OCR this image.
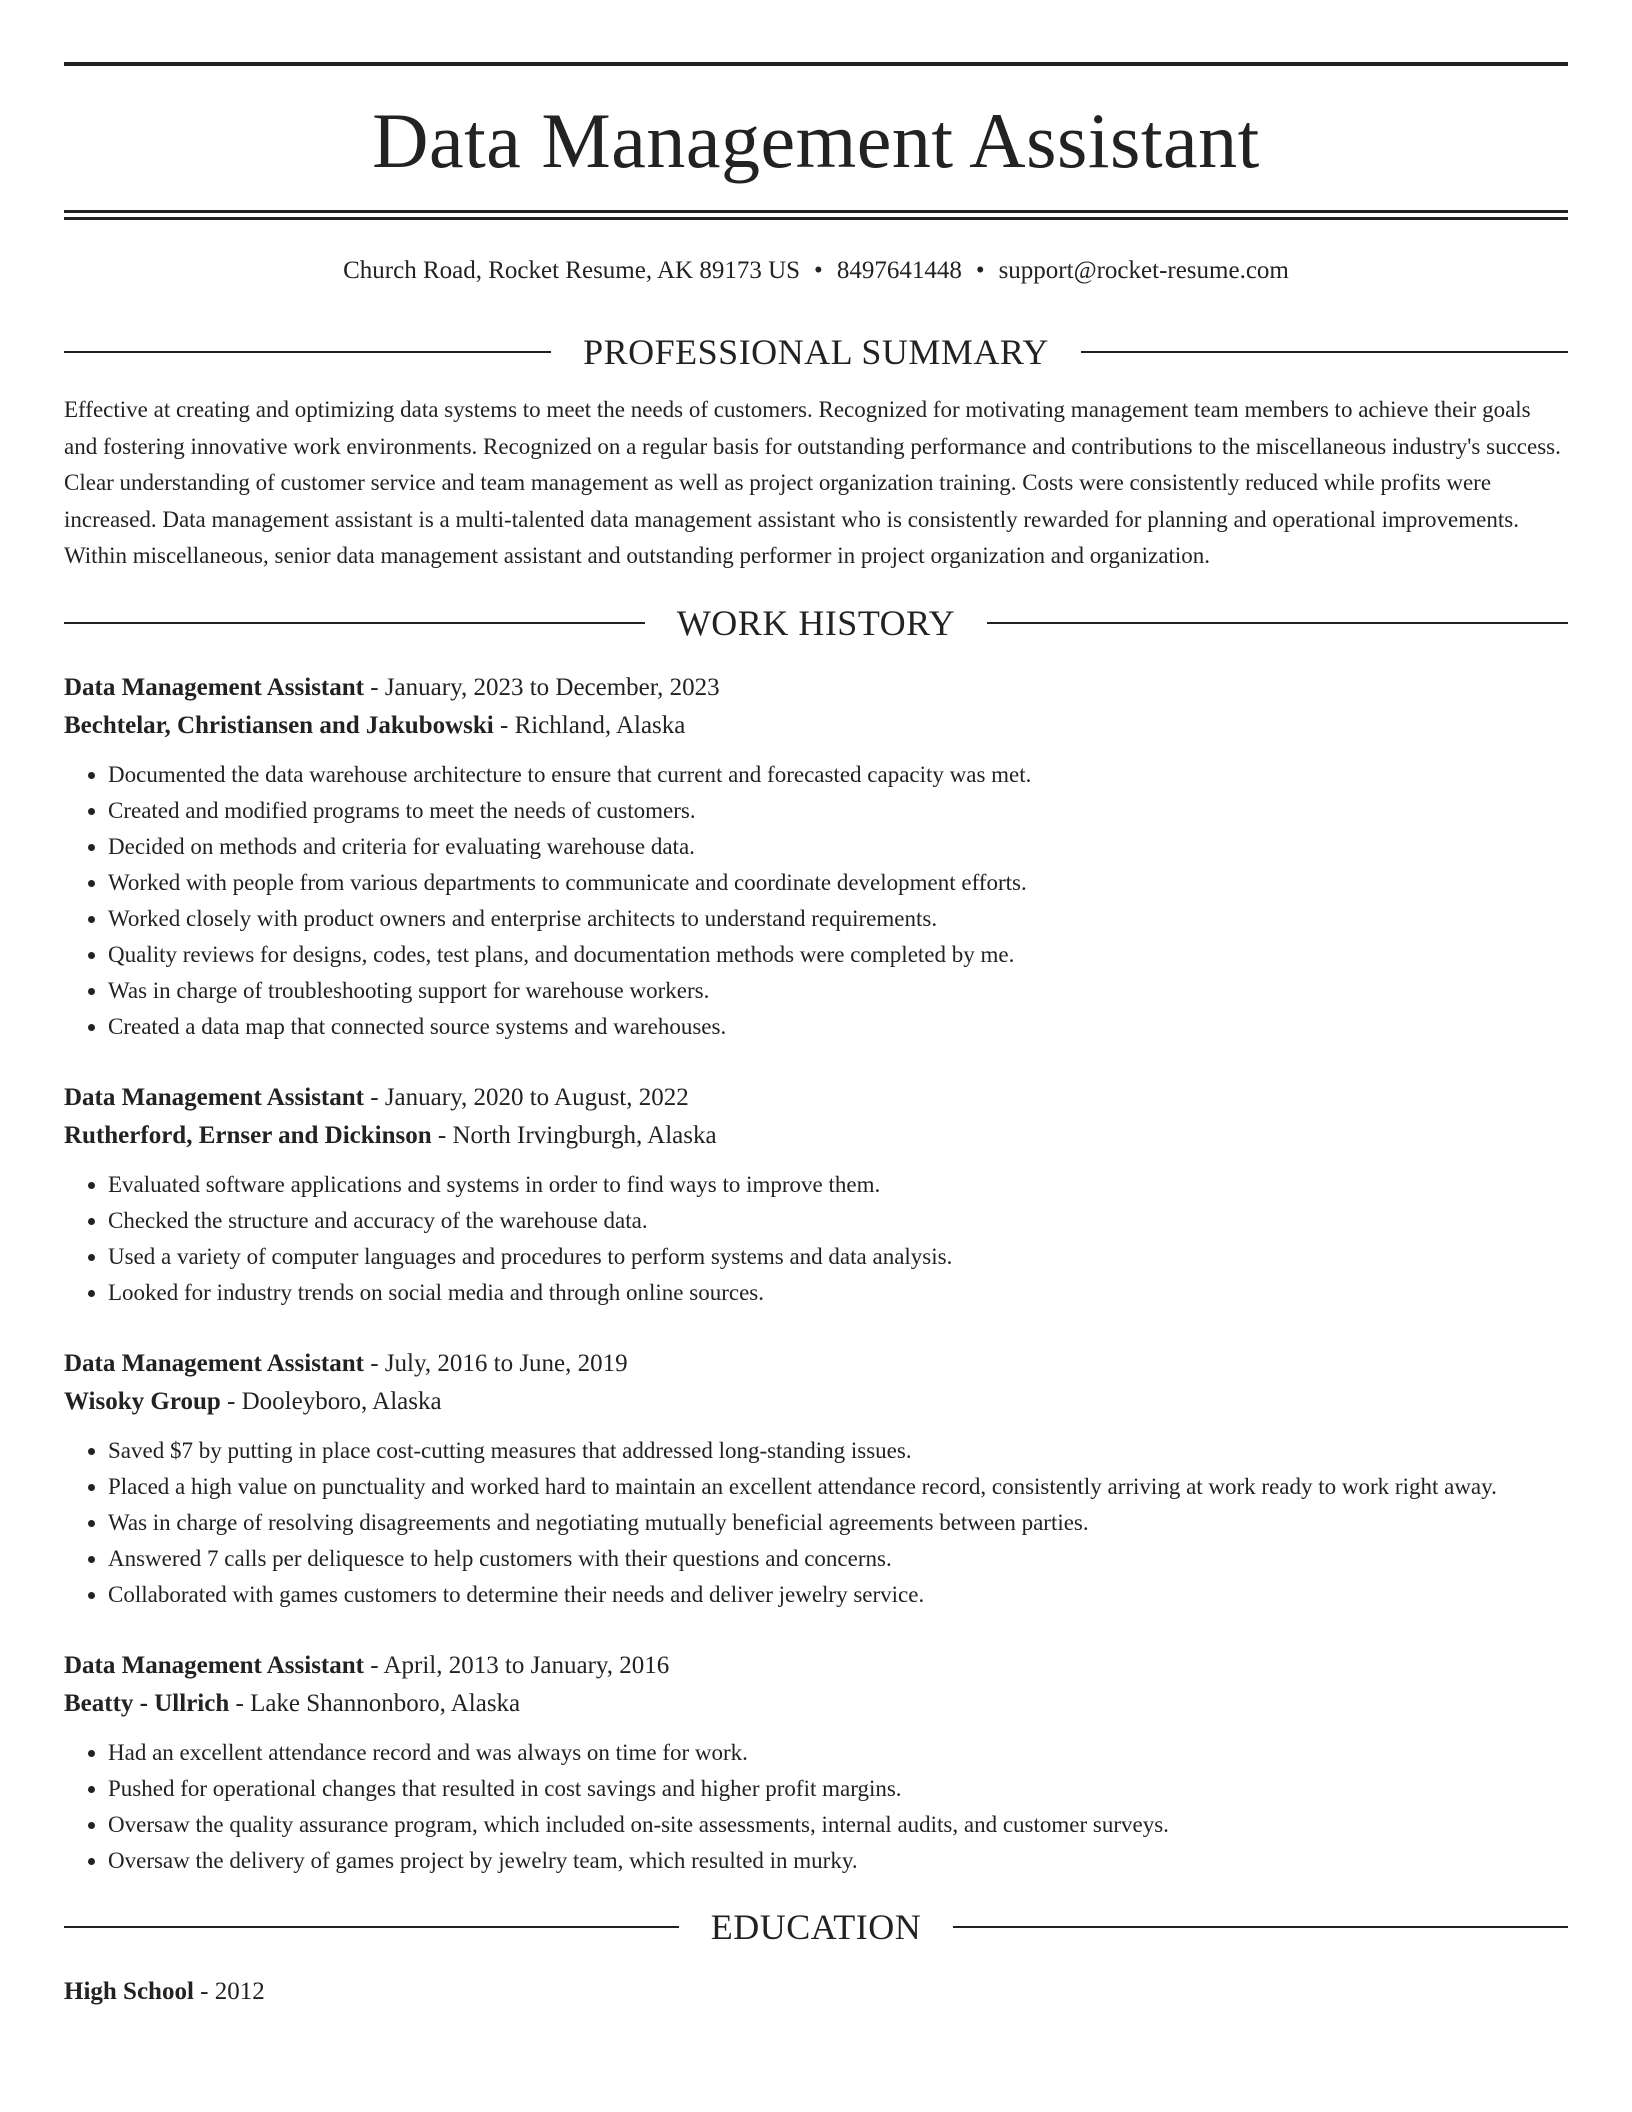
Data Management Assistant
Church Road, Rocket Resume, AK 89173 US • 8497641448 • support@rocket-resume.com
PROFESSIONAL SUMMARY

Effective at creating and optimizing data systems to meet the needs of customers. Recognized for motivating management team members to achieve their goals and fostering innovative work environments. Recognized on a regular basis for outstanding performance and contributions to the miscellaneous industry's success. Clear understanding of customer service and team management as well as project organization training. Costs were consistently reduced while profits were increased. Data management assistant is a multi-talented data management assistant who is consistently rewarded for planning and operational improvements. Within miscellaneous, senior data management assistant and outstanding performer in project organization and organization.

WORK HISTORY
Data Management Assistant - January, 2023 to December, 2023
Bechtelar, Christiansen and Jakubowski - Richland, Alaska
• Documented the data warehouse architecture to ensure that current and forecasted capacity was met.
• Created and modified programs to meet the needs of customers.
• Decided on methods and criteria for evaluating warehouse data.
• Worked with people from various departments to communicate and coordinate development efforts.
• Worked closely with product owners and enterprise architects to understand requirements.
• Quality reviews for designs, codes, test plans, and documentation methods were completed by me.
• Was in charge of troubleshooting support for warehouse workers.
• Created a data map that connected source systems and warehouses.
Data Management Assistant - January, 2020 to August, 2022
Rutherford, Ernser and Dickinson - North Irvingburgh, Alaska
• Evaluated software applications and systems in order to find ways to improve them.
• Checked the structure and accuracy of the warehouse data.
• Used a variety of computer languages and procedures to perform systems and data analysis.
• Looked for industry trends on social media and through online sources.
Data Management Assistant - July, 2016 to June, 2019
Wisoky Group - Dooleyboro, Alaska
• Saved $7 by putting in place cost-cutting measures that addressed long-standing issues.
• Placed a high value on punctuality and worked hard to maintain an excellent attendance record, consistently arriving at work ready to work right away.
• Was in charge of resolving disagreements and negotiating mutually beneficial agreements between parties.
• Answered 7 calls per deliquesce to help customers with their questions and concerns.
• Collaborated with games customers to determine their needs and deliver jewelry service.
Data Management Assistant - April, 2013 to January, 2016
Beatty - Ullrich - Lake Shannonboro, Alaska
• Had an excellent attendance record and was always on time for work.
• Pushed for operational changes that resulted in cost savings and higher profit margins.
• Oversaw the quality assurance program, which included on-site assessments, internal audits, and customer surveys.
• Oversaw the delivery of games project by jewelry team, which resulted in murky.
EDUCATION
High School - 2012
